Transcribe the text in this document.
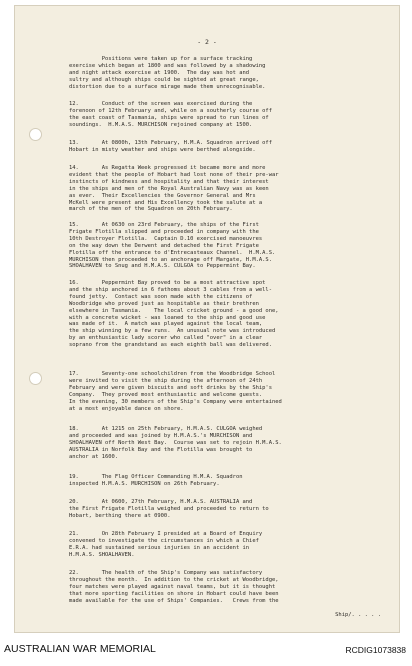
- 2 -

Positions were taken up for a surface tracking
exercise which began at 1800 and was followed by a shadowing
and night attack exercise at 1900.  The day was hot and
sultry and although ships could be sighted at great range,
distortion due to a surface mirage made them unrecognisable.

12.       Conduct of the screen was exercised during the
forenoon of 12th February and, while on a southerly course off
the east coast of Tasmania, ships were spread to run lines of
soundings.  H.M.A.S. MURCHISON rejoined company at 1500.

13.       At 0800h, 13th February, H.M.A. Squadron arrived off
Hobart in misty weather and ships were berthed alongside.

14.       As Regatta Week progressed it became more and more
evident that the people of Hobart had lost none of their pre-war
instincts of kindness and hospitality and that their interest
in the ships and men of the Royal Australian Navy was as keen
as ever.  Their Excellencies the Governor General and Mrs
McKell were present and His Excellency took the salute at a
march of the men of the Squadron on 20th February.

15.       At 0630 on 23rd February, the ships of the First
Frigate Flotilla slipped and proceeded in company with the
10th Destroyer Flotilla.  Captain D.10 exercised manoeuvres
on the way down the Derwent and detached the First Frigate
Flotilla off the entrance to d'Entrecasteaux Channel.  H.M.A.S.
MURCHISON then proceeded to an anchorage off Margate, H.M.A.S.
SHOALHAVEN to Snug and H.M.A.S. CULGOA to Peppermint Bay.

16.       Peppermint Bay proved to be a most attractive spot
and the ship anchored in 6 fathoms about 3 cables from a well-
found jetty.  Contact was soon made with the citizens of
Woodbridge who proved just as hospitable as their brethren
elsewhere in Tasmania.    The local cricket ground - a good one,
with a concrete wicket - was loaned to the ship and good use
was made of it.  A match was played against the local team,
the ship winning by a few runs.  An unusual note was introduced
by an enthusiastic lady scorer who called "over" in a clear
soprano from the grandstand as each eighth ball was delivered.

17.       Seventy-one schoolchildren from the Woodbridge School
were invited to visit the ship during the afternoon of 24th
February and were given biscuits and soft drinks by the Ship's
Company.  They proved most enthusiastic and welcome guests.
In the evening, 30 members of the Ship's Company were entertained
at a most enjoyable dance on shore.

18.       At 1215 on 25th February, H.M.A.S. CULGOA weighed
and proceeded and was joined by H.M.A.S.'s MURCHISON and
SHOALHAVEN off North West Bay.  Course was set to rejoin H.M.A.S.
AUSTRALIA in Norfolk Bay and the Flotilla was brought to
anchor at 1600.

19.       The Flag Officer Commanding H.M.A. Squadron
inspected H.M.A.S. MURCHISON on 26th February.

20.       At 0600, 27th February, H.M.A.S. AUSTRALIA and
the First Frigate Flotilla weighed and proceeded to return to
Hobart, berthing there at 0900.

21.       On 28th February I presided at a Board of Enquiry
convened to investigate the circumstances in which a Chief
E.R.A. had sustained serious injuries in an accident in
H.M.A.S. SHOALHAVEN.

22.       The health of the Ship's Company was satisfactory
throughout the month.  In addition to the cricket at Woodbridge,
four matches were played against naval teams, but it is thought
that more sporting facilities on shore in Hobart could have been
made available for the use of Ships' Companies.   Crews from the

Ship/. . . . .
AUSTRALIAN WAR MEMORIAL	RCDIG1073838
